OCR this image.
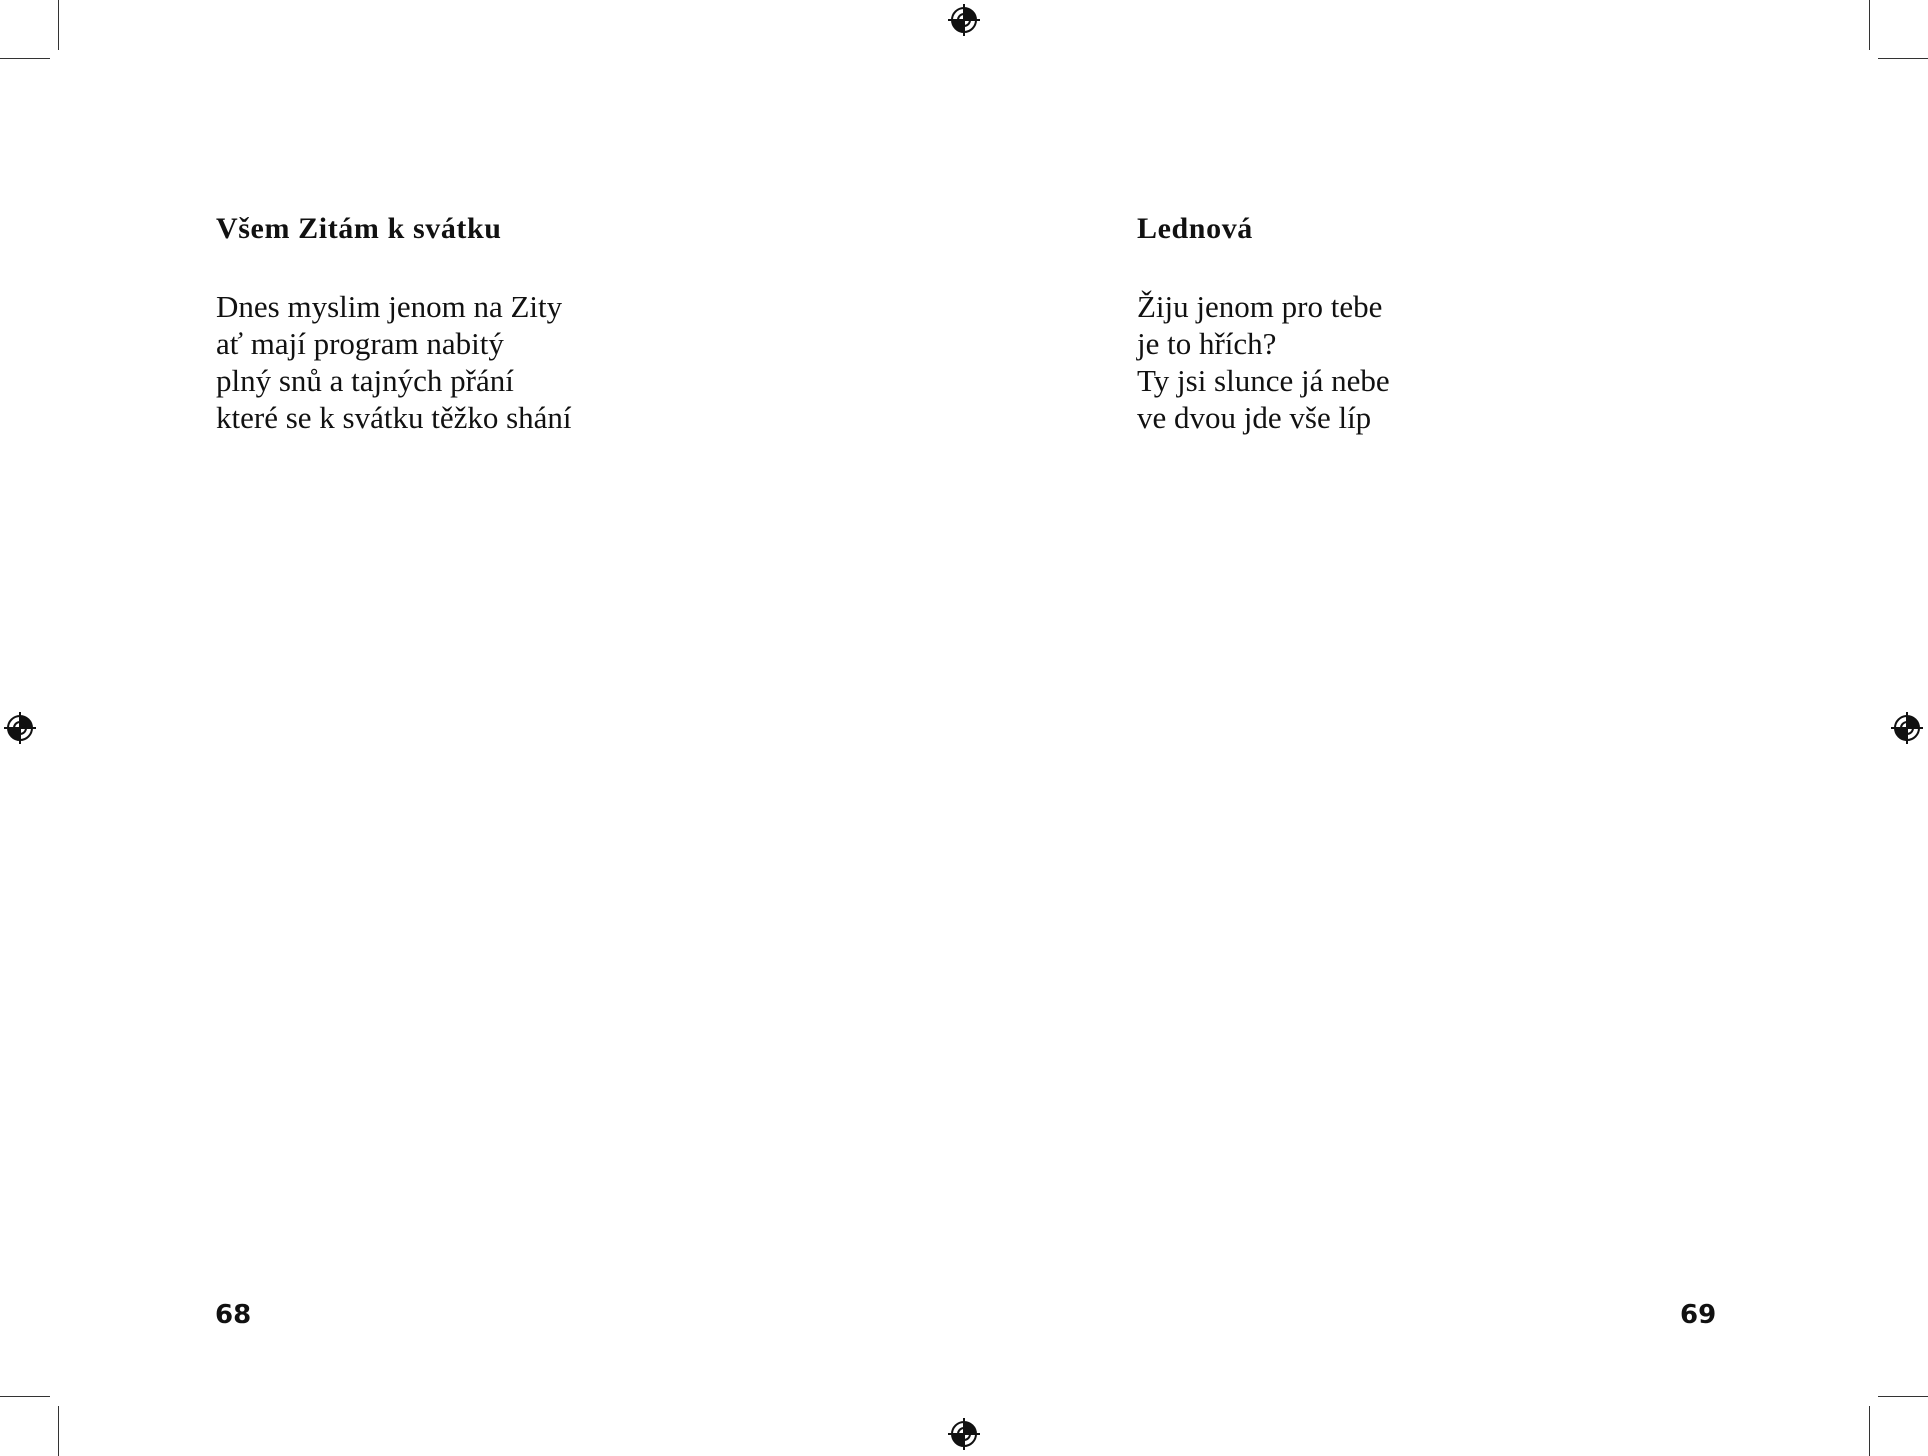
Všem Zitám k svátku
Dnes myslim jenom na Zity
ať mají program nabitý
plný snů a tajných přání
které se k svátku těžko shání
68
Lednová
Žiju jenom pro tebe
je to hřích?
Ty jsi slunce já nebe
ve dvou jde vše líp
69
